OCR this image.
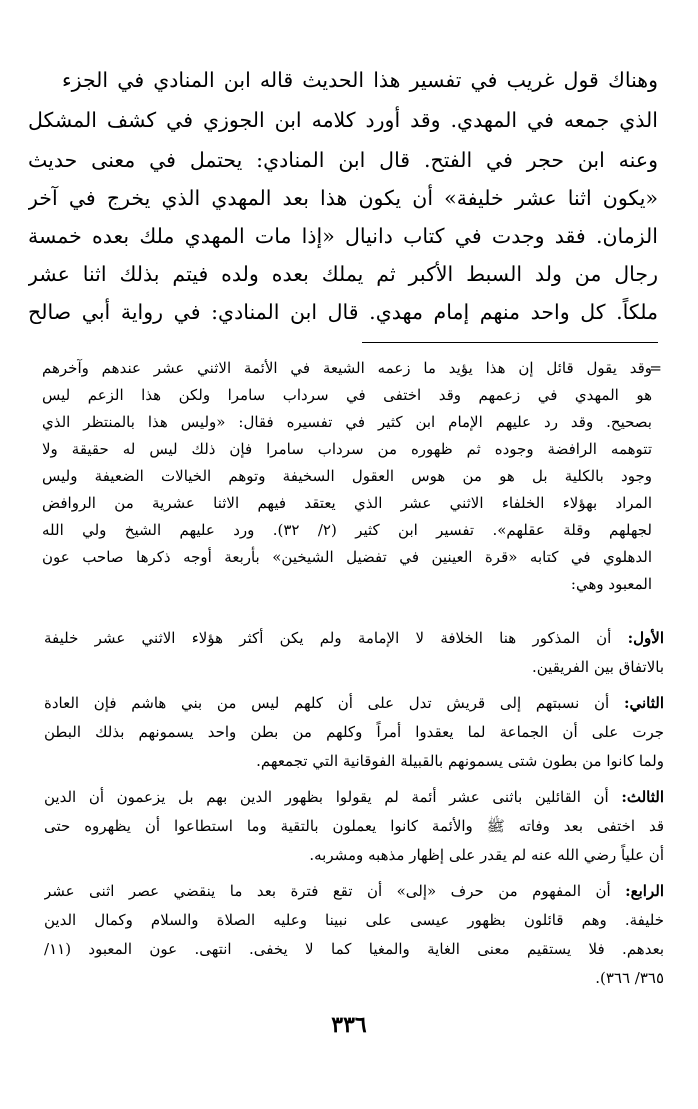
وهناك قول غريب في تفسير هذا الحديث قاله ابن المنادي في الجزء
الذي جمعه في المهدي. وقد أورد كلامه ابن الجوزي في كشف المشكل
وعنه ابن حجر في الفتح. قال ابن المنادي: يحتمل في معنى حديث
«يكون اثنا عشر خليفة» أن يكون هذا بعد المهدي الذي يخرج في آخر
الزمان. فقد وجدت في كتاب دانيال «إذا مات المهدي ملك بعده خمسة
رجال من ولد السبط الأكبر ثم يملك بعده ولده فيتم بذلك اثنا عشر
ملكاً. كل واحد منهم إمام مهدي. قال ابن المنادي: في رواية أبي صالح
=
وقد يقول قائل إن هذا يؤيد ما زعمه الشيعة في الأئمة الاثني عشر عندهم وآخرهم
هو المهدي في زعمهم وقد اختفى في سرداب سامرا ولكن هذا الزعم ليس
بصحيح. وقد رد عليهم الإمام ابن كثير في تفسيره فقال: «وليس هذا بالمنتظر الذي
تتوهمه الرافضة وجوده ثم ظهوره من سرداب سامرا فإن ذلك ليس له حقيقة ولا
وجود بالكلية بل هو من هوس العقول السخيفة وتوهم الخيالات الضعيفة وليس
المراد بهؤلاء الخلفاء الاثني عشر الذي يعتقد فيهم الاثنا عشرية من الروافض
لجهلهم وقلة عقلهم». تفسير ابن كثير (٢/ ٣٢). ورد عليهم الشيخ ولي الله
الدهلوي في كتابه «قرة العينين في تفضيل الشيخين» بأربعة أوجه ذكرها صاحب عون
المعبود وهي:
الأول: أن المذكور هنا الخلافة لا الإمامة ولم يكن أكثر هؤلاء الاثني عشر خليفة
بالاتفاق بين الفريقين.
الثاني: أن نسبتهم إلى قريش تدل على أن كلهم ليس من بني هاشم فإن العادة
جرت على أن الجماعة لما يعقدوا أمراً وكلهم من بطن واحد يسمونهم بذلك البطن
ولما كانوا من بطون شتى يسمونهم بالقبيلة الفوقانية التي تجمعهم.
الثالث: أن القائلين باثنى عشر أئمة لم يقولوا بظهور الدين بهم بل يزعمون أن الدين
قد اختفى بعد وفاته ﷺ والأئمة كانوا يعملون بالتقية وما استطاعوا أن يظهروه حتى
أن علياً رضي الله عنه لم يقدر على إظهار مذهبه ومشربه.
الرابع: أن المفهوم من حرف «إلى» أن تقع فترة بعد ما ينقضي عصر اثنى عشر
خليفة. وهم قائلون بظهور عيسى على نبينا وعليه الصلاة والسلام وكمال الدين
بعدهم. فلا يستقيم معنى الغاية والمغيا كما لا يخفى. انتهى. عون المعبود (١١/
٣٦٥/ ٣٦٦).
٣٣٦
